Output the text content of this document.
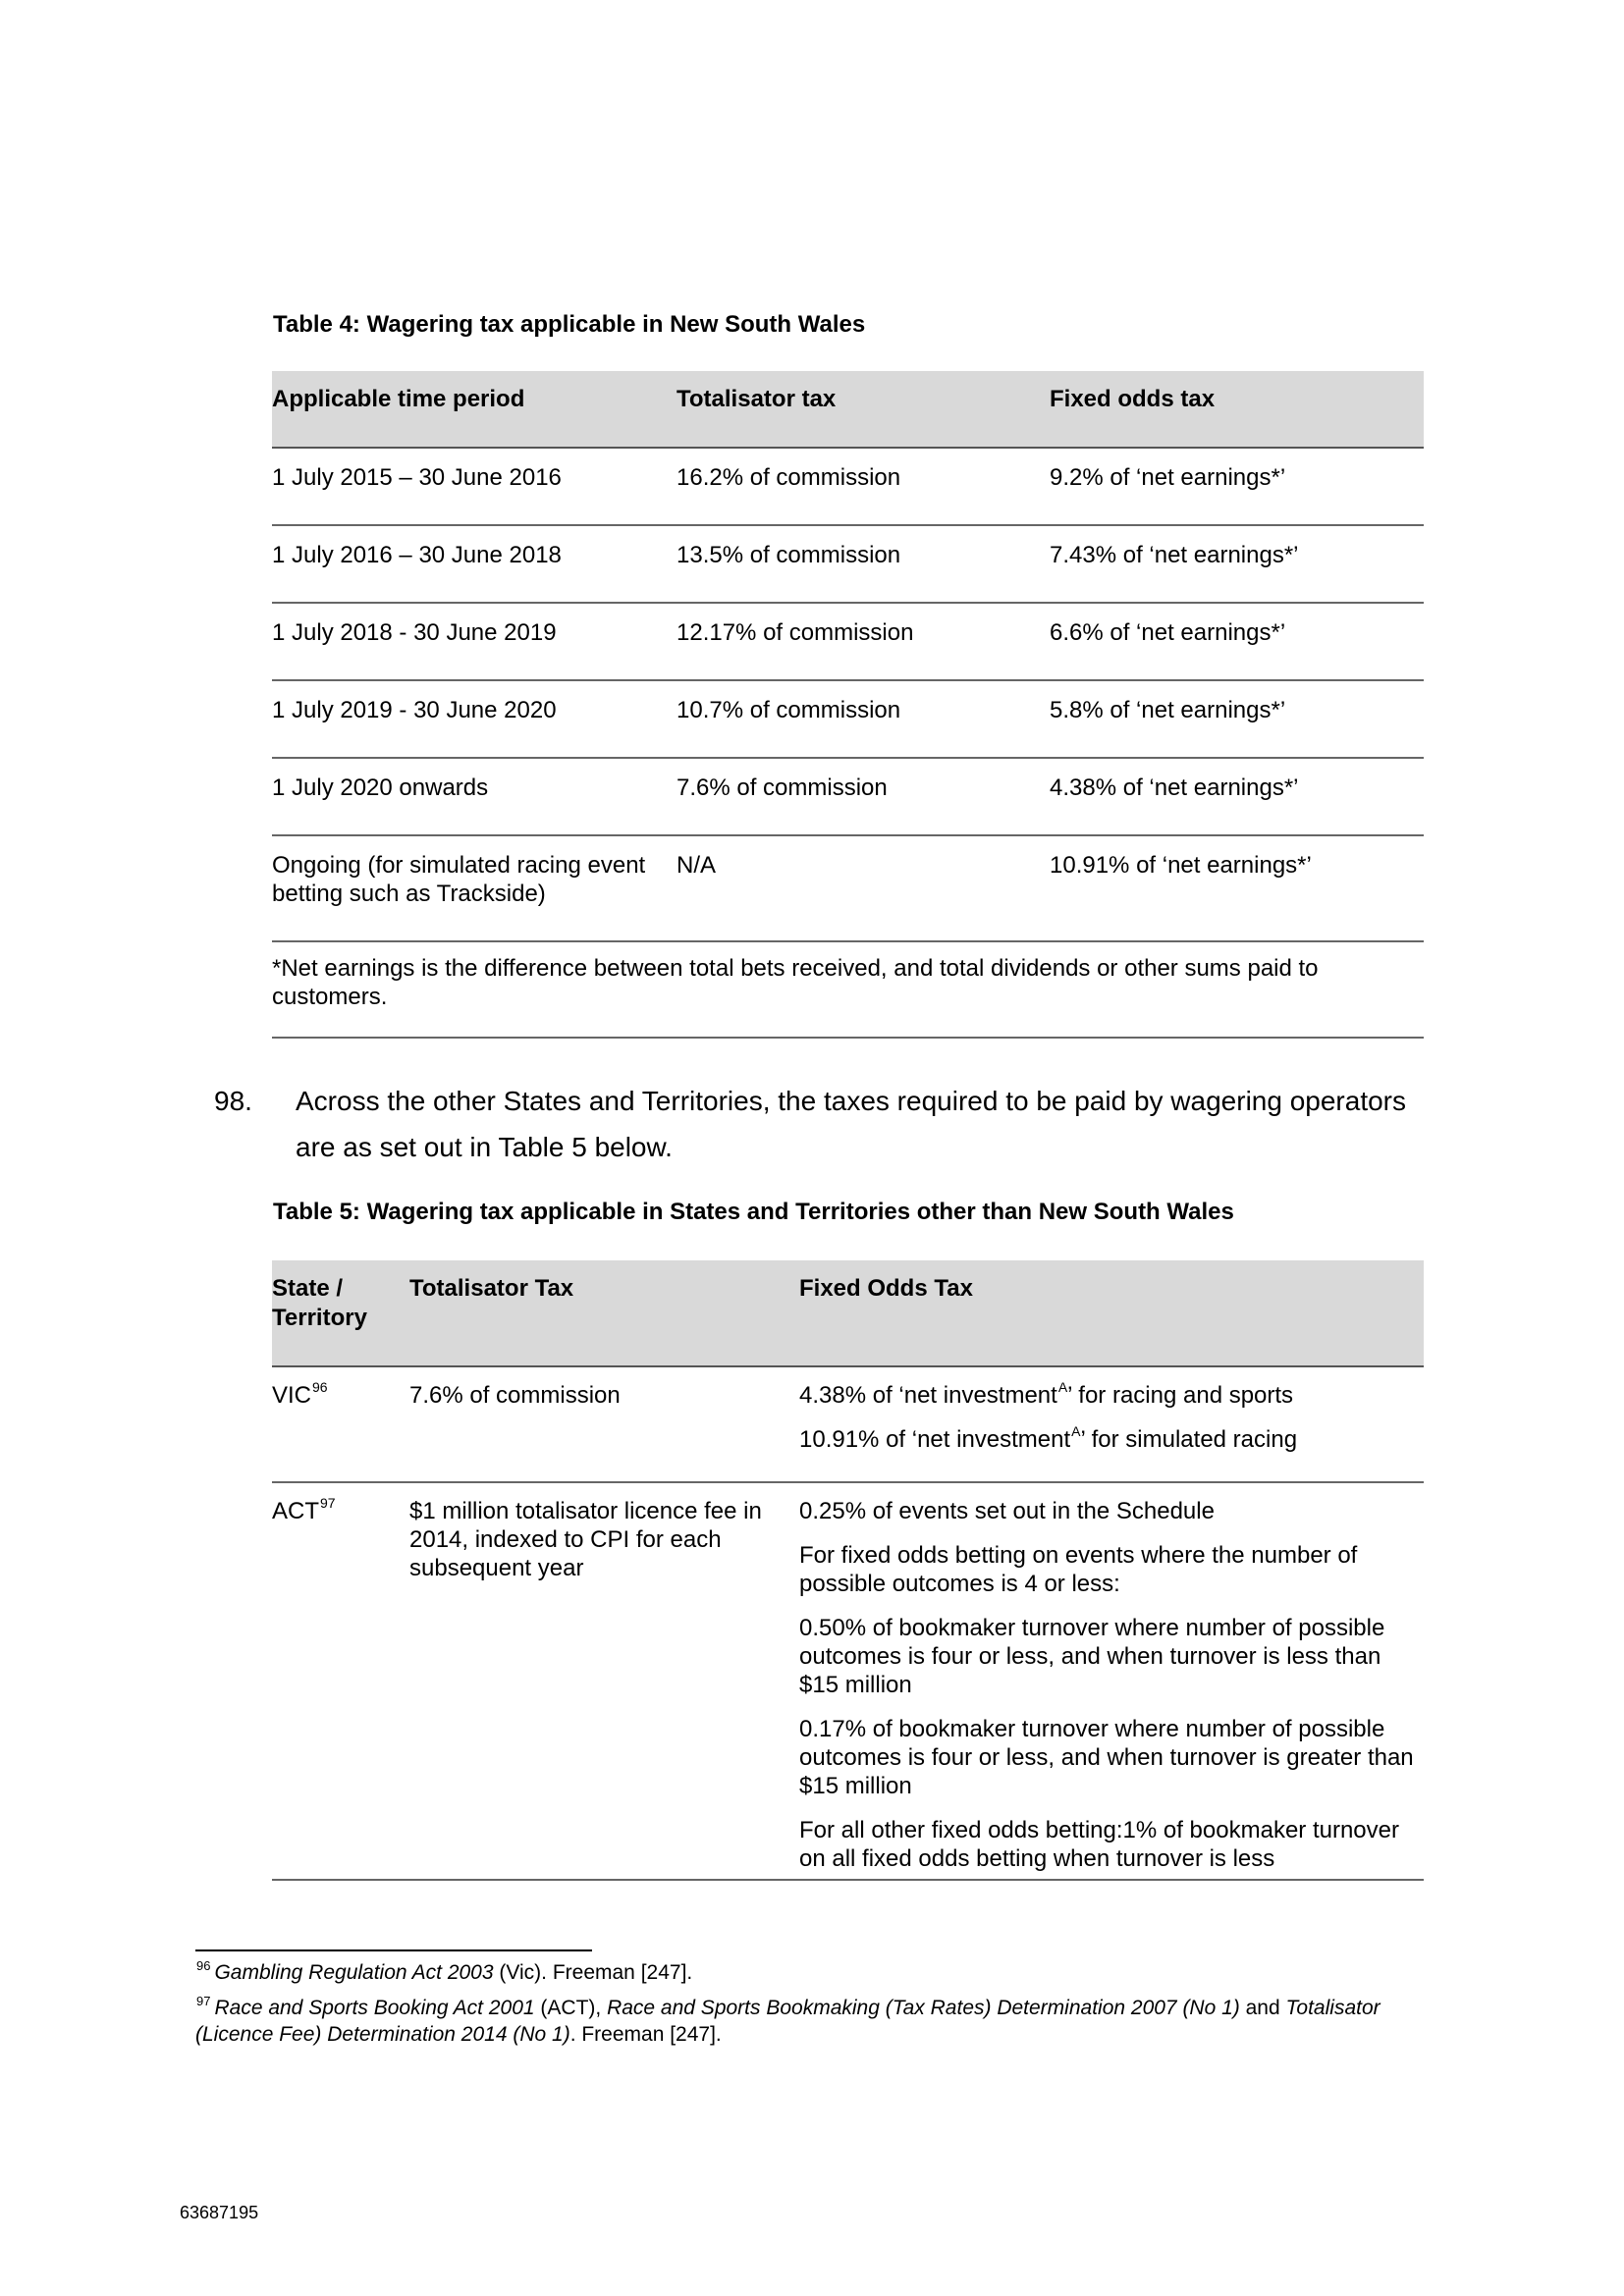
Table 4: Wagering tax applicable in New South Wales
Applicable time period	Totalisator tax	Fixed odds tax
1 July 2015 – 30 June 2016	16.2% of commission	9.2% of ‘net earnings*’
1 July 2016 – 30 June 2018	13.5% of commission	7.43% of ‘net earnings*’
1 July 2018 - 30 June 2019	12.17% of commission	6.6% of ‘net earnings*’
1 July 2019 - 30 June 2020	10.7% of commission	5.8% of ‘net earnings*’
1 July 2020 onwards	7.6% of commission	4.38% of ‘net earnings*’
Ongoing (for simulated racing event betting such as Trackside)	N/A	10.91% of ‘net earnings*’
*Net earnings is the difference between total bets received, and total dividends or other sums paid to customers.		
98. Across the other States and Territories, the taxes required to be paid by wagering operators are as set out in Table 5 below.
Table 5: Wagering tax applicable in States and Territories other than New South Wales
State / Territory	Totalisator Tax	Fixed Odds Tax
VIC$^{96}$	7.6% of commission	4.38% of ‘net investment$^A$’ for racing and sports

10.91% of ‘net investment$^A$’ for simulated racing

ACT$^{97}$	$1 million totalisator licence fee in 2014, indexed to CPI for each subsequent year	0.25% of events set out in the Schedule

For fixed odds betting on events where the number of possible outcomes is 4 or less:

0.50% of bookmaker turnover where number of possible outcomes is four or less, and when turnover is less than $15 million

0.17% of bookmaker turnover where number of possible outcomes is four or less, and when turnover is greater than $15 million

For all other fixed odds betting:1% of bookmaker turnover on all fixed odds betting when turnover is less

$^{96}$ Gambling Regulation Act 2003 (Vic). Freeman [247].
$^{97}$ Race and Sports Booking Act 2001 (ACT), Race and Sports Bookmaking (Tax Rates) Determination 2007 (No 1) and Totalisator (Licence Fee) Determination 2014 (No 1). Freeman [247].
63687195
